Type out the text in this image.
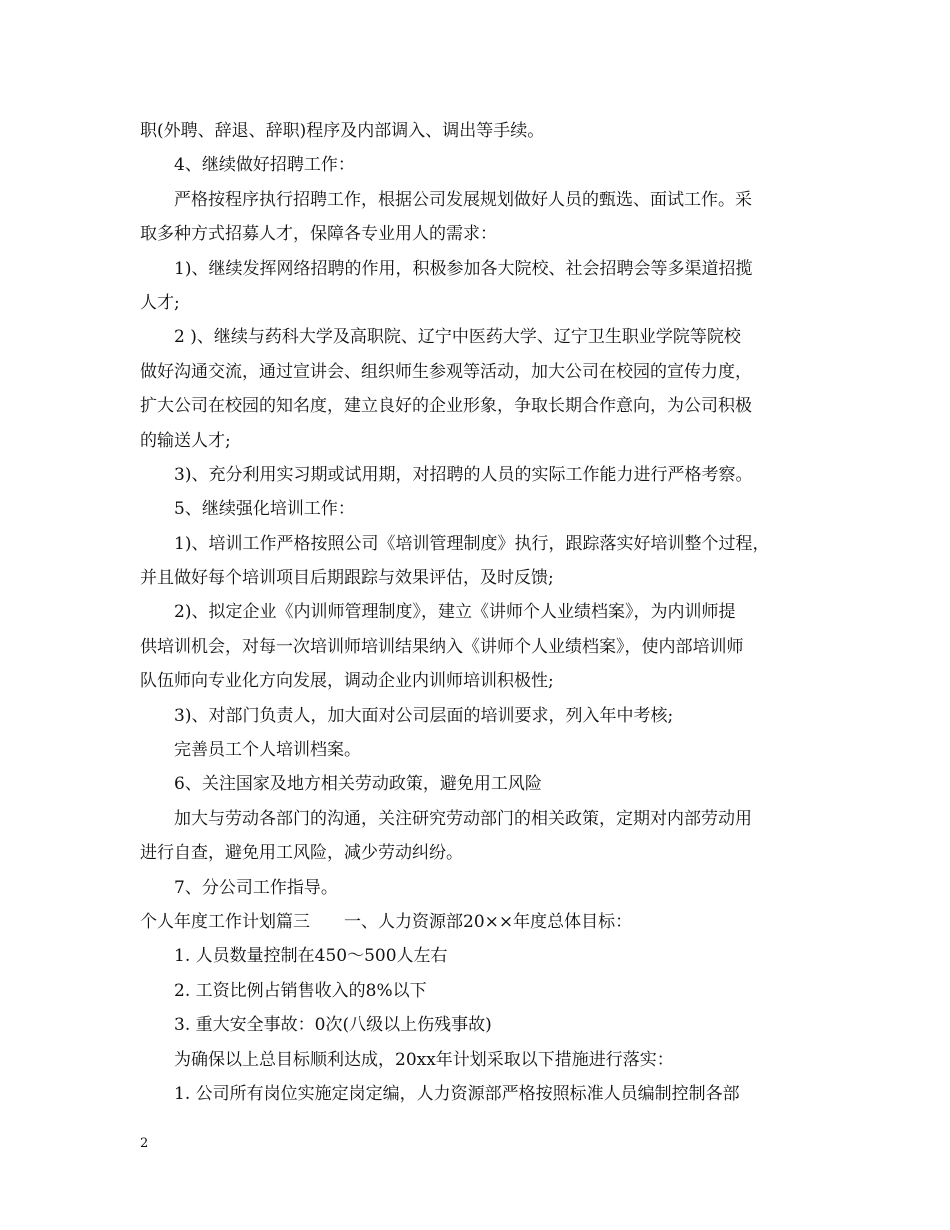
职(外聘、辞退、辞职)程序及内部调入、调出等手续。
4、继续做好招聘工作：
严格按程序执行招聘工作，根据公司发展规划做好人员的甄选、面试工作。采
取多种方式招募人才，保障各专业用人的需求：
1)、继续发挥网络招聘的作用，积极参加各大院校、社会招聘会等多渠道招揽
人才;
2 )、继续与药科大学及高职院、辽宁中医药大学、辽宁卫生职业学院等院校
做好沟通交流，通过宣讲会、组织师生参观等活动，加大公司在校园的宣传力度，
扩大公司在校园的知名度，建立良好的企业形象，争取长期合作意向，为公司积极
的输送人才;
3)、充分利用实习期或试用期，对招聘的人员的实际工作能力进行严格考察。
5、继续强化培训工作：
1)、培训工作严格按照公司《培训管理制度》执行，跟踪落实好培训整个过程，
并且做好每个培训项目后期跟踪与效果评估，及时反馈;
2)、拟定企业《内训师管理制度》，建立《讲师个人业绩档案》，为内训师提
供培训机会，对每一次培训师培训结果纳入《讲师个人业绩档案》，使内部培训师
队伍师向专业化方向发展，调动企业内训师培训积极性;
3)、对部门负责人，加大面对公司层面的培训要求，列入年中考核;
完善员工个人培训档案。
6、关注国家及地方相关劳动政策，避免用工风险
加大与劳动各部门的沟通，关注研究劳动部门的相关政策，定期对内部劳动用
进行自查，避免用工风险，减少劳动纠纷。
7、分公司工作指导。
个人年度工作计划篇三　　一、人力资源部20××年度总体目标：
1. 人员数量控制在450～500人左右
2. 工资比例占销售收入的8%以下
3. 重大安全事故：0次(八级以上伤残事故)
为确保以上总目标顺利达成，20xx年计划采取以下措施进行落实：
1. 公司所有岗位实施定岗定编，人力资源部严格按照标准人员编制控制各部
2
